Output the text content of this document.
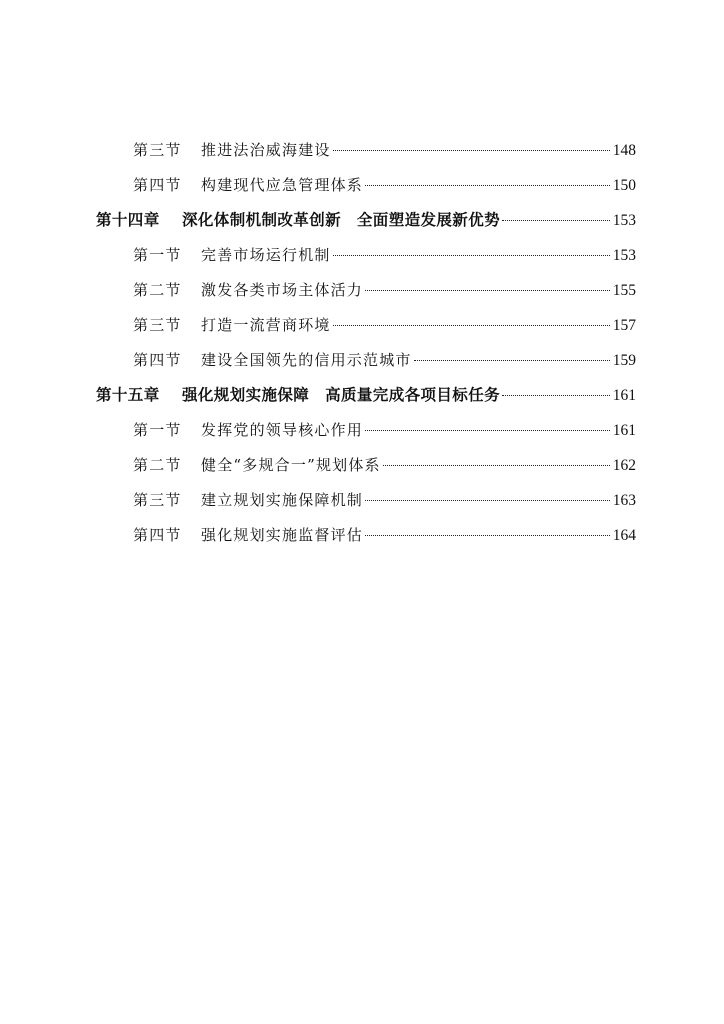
第三节	推进法治威海建设	148
第四节	构建现代应急管理体系	150
第十四章	深化体制机制改革创新　全面塑造发展新优势	153
第一节	完善市场运行机制	153
第二节	激发各类市场主体活力	155
第三节	打造一流营商环境	157
第四节	建设全国领先的信用示范城市	159
第十五章	强化规划实施保障　高质量完成各项目标任务	161
第一节	发挥党的领导核心作用	161
第二节	健全“多规合一”规划体系	162
第三节	建立规划实施保障机制	163
第四节	强化规划实施监督评估	164
